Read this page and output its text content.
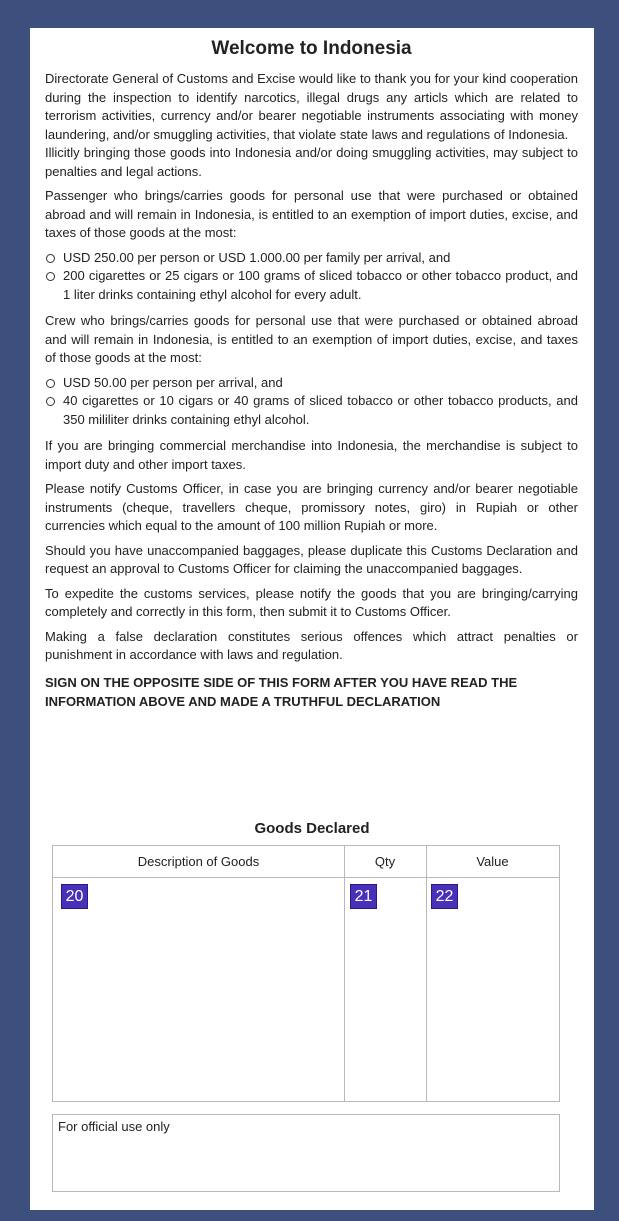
Welcome to Indonesia

Directorate General of Customs and Excise would like to thank you for your kind cooperation during the inspection to identify narcotics, illegal drugs any articls which are related to terrorism activities, currency and/or bearer negotiable instruments associating with money laundering, and/or smuggling activities, that violate state laws and regulations of Indonesia.

Illicitly bringing those goods into Indonesia and/or doing smuggling activities, may subject to penalties and legal actions.

Passenger who brings/carries goods for personal use that were purchased or obtained abroad and will remain in Indonesia, is entitled to an exemption of import duties, excise, and taxes of those goods at the most:

USD 250.00 per person or USD 1.000.00 per family per arrival, and
200 cigarettes or 25 cigars or 100 grams of sliced tobacco or other tobacco product, and 1 liter drinks containing ethyl alcohol for every adult.

Crew who brings/carries goods for personal use that were purchased or obtained abroad and will remain in Indonesia, is entitled to an exemption of import duties, excise, and taxes of those goods at the most:

USD 50.00 per person per arrival, and
40 cigarettes or 10 cigars or 40 grams of sliced tobacco or other tobacco products, and 350 mililiter drinks containing ethyl alcohol.

If you are bringing commercial merchandise into Indonesia, the merchandise is subject to import duty and other import taxes.

Please notify Customs Officer, in case you are bringing currency and/or bearer negotiable instruments (cheque, travellers cheque, promissory notes, giro) in Rupiah or other currencies which equal to the amount of 100 million Rupiah or more.

Should you have unaccompanied baggages, please duplicate this Customs Declaration and request an approval to Customs Officer for claiming the unaccompanied baggages.

To expedite the customs services, please notify the goods that you are bringing/carrying completely and correctly in this form, then submit it to Customs Officer.

Making a false declaration constitutes serious offences which attract penalties or punishment in accordance with laws and regulation.

SIGN ON THE OPPOSITE SIDE OF THIS FORM AFTER YOU HAVE READ THE INFORMATION ABOVE AND MADE A TRUTHFUL DECLARATION
Goods Declared
Description of Goods	Qty	Value
20	21	22
For official use only
